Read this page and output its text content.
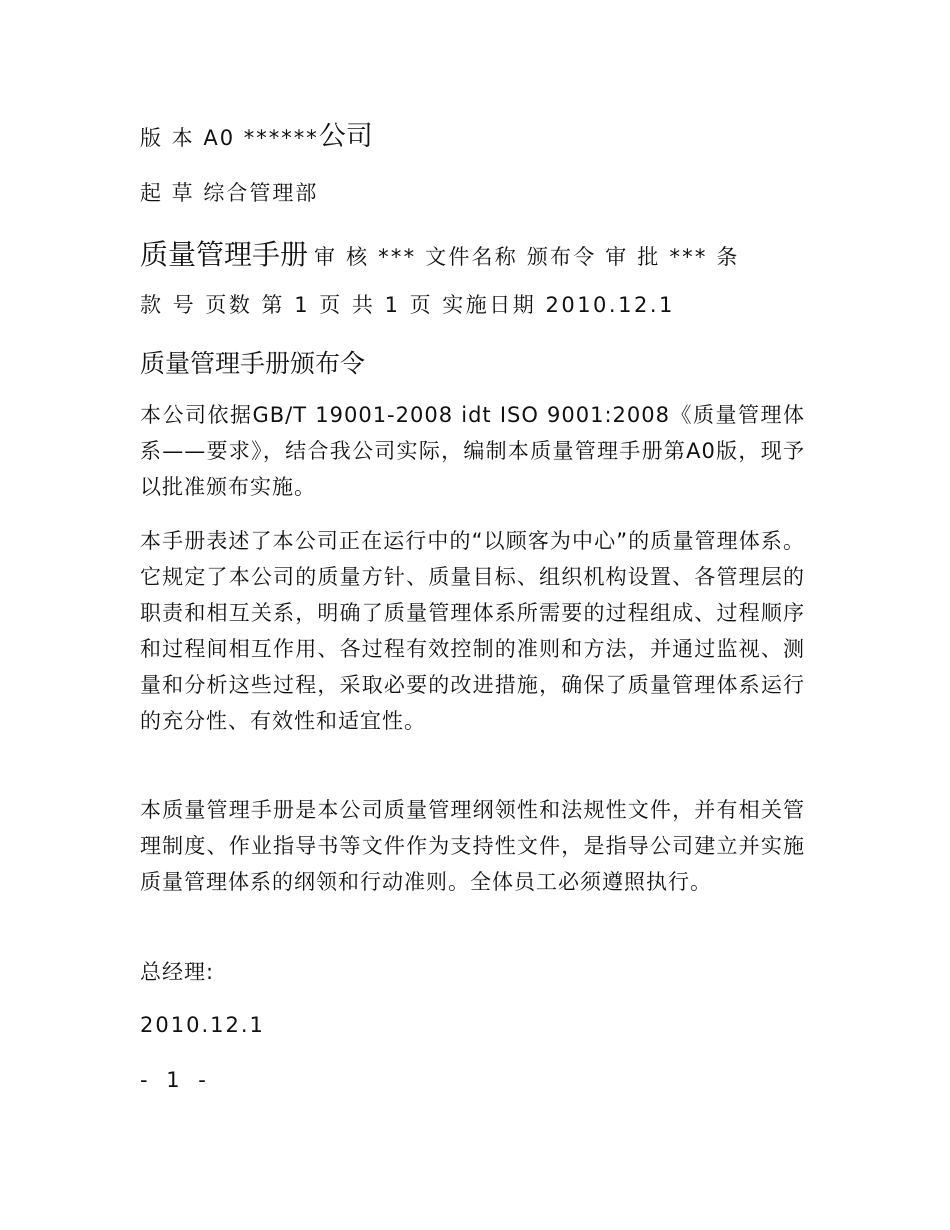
版 本 A0 ******公司
起 草 综合管理部
质量管理手册 审 核 *** 文件名称 颁布令 审 批 *** 条
款 号 页数 第 1 页 共 1 页 实施日期 2010.12.1
质量管理手册颁布令

本公司依据GB/T 19001-2008 idt ISO 9001:2008《质量管理体系——要求》，结合我公司实际，编制本质量管理手册第A0版，现予以批准颁布实施。

本手册表述了本公司正在运行中的“以顾客为中心”的质量管理体系。它规定了本公司的质量方针、质量目标、组织机构设置、各管理层的职责和相互关系，明确了质量管理体系所需要的过程组成、过程顺序和过程间相互作用、各过程有效控制的准则和方法，并通过监视、测量和分析这些过程，采取必要的改进措施，确保了质量管理体系运行的充分性、有效性和适宜性。

本质量管理手册是本公司质量管理纲领性和法规性文件，并有相关管理制度、作业指导书等文件作为支持性文件，是指导公司建立并实施质量管理体系的纲领和行动准则。全体员工必须遵照执行。

总经理:
2010.12.1
- 1 -
